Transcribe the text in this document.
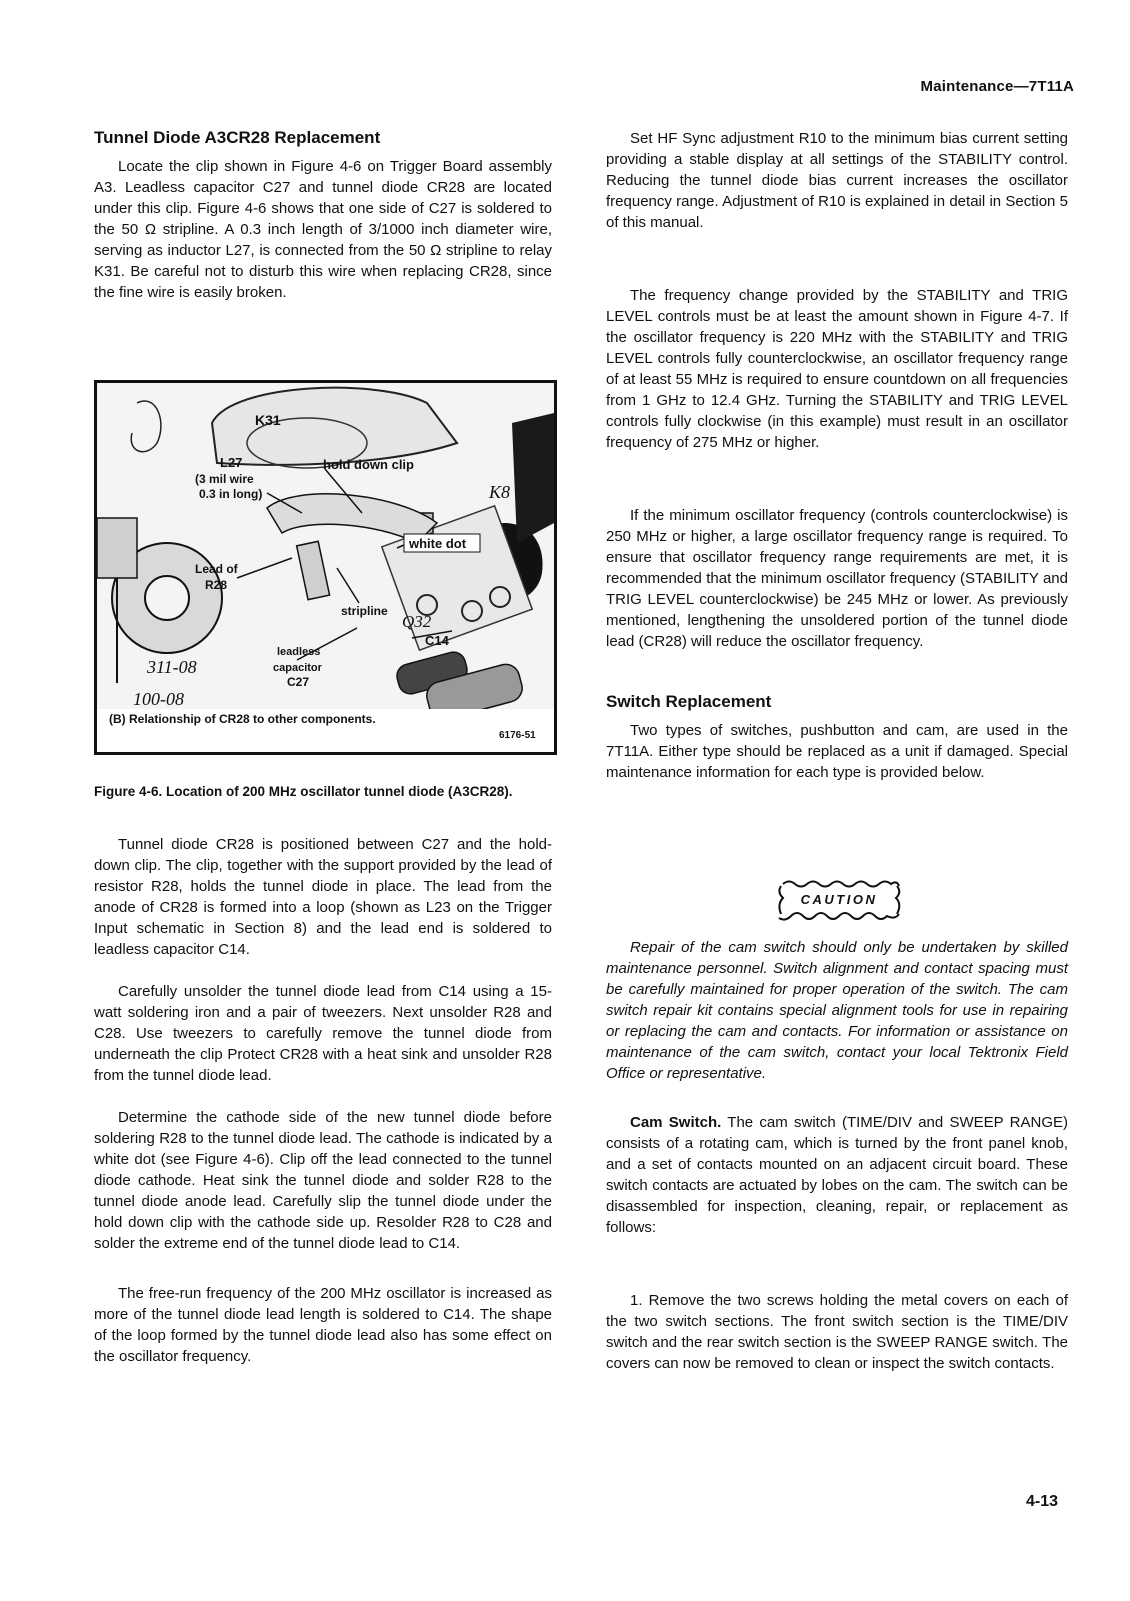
Maintenance—7T11A
Tunnel Diode A3CR28 Replacement

Locate the clip shown in Figure 4-6 on Trigger Board assembly A3. Leadless capacitor C27 and tunnel diode CR28 are located under this clip. Figure 4-6 shows that one side of C27 is soldered to the 50 Ω stripline. A 0.3 inch length of 3/1000 inch diameter wire, serving as inductor L27, is connected from the 50 Ω stripline to relay K31. Be careful not to disturb this wire when replacing CR28, since the fine wire is easily broken.

K31
L27
(3 mil wire
0.3 in long)
hold down clip
white dot
Lead of
R28
stripline
leadless
capacitor
C27
C14
K8
Q32
311-08
100-08
(B) Relationship of CR28 to other components.
6176-51
Figure 4-6. Location of 200 MHz oscillator tunnel diode (A3CR28).

Tunnel diode CR28 is positioned between C27 and the hold-down clip. The clip, together with the support provided by the lead of resistor R28, holds the tunnel diode in place. The lead from the anode of CR28 is formed into a loop (shown as L23 on the Trigger Input schematic in Section 8) and the lead end is soldered to leadless capacitor C14.

Carefully unsolder the tunnel diode lead from C14 using a 15-watt soldering iron and a pair of tweezers. Next unsolder R28 and C28. Use tweezers to carefully remove the tunnel diode from underneath the clip Protect CR28 with a heat sink and unsolder R28 from the tunnel diode lead.

Determine the cathode side of the new tunnel diode before soldering R28 to the tunnel diode lead. The cathode is indicated by a white dot (see Figure 4-6). Clip off the lead connected to the tunnel diode cathode. Heat sink the tunnel diode and solder R28 to the tunnel diode anode lead. Carefully slip the tunnel diode under the hold down clip with the cathode side up. Resolder R28 to C28 and solder the extreme end of the tunnel diode lead to C14.

The free-run frequency of the 200 MHz oscillator is increased as more of the tunnel diode lead length is soldered to C14. The shape of the loop formed by the tunnel diode lead also has some effect on the oscillator frequency.

Set HF Sync adjustment R10 to the minimum bias current setting providing a stable display at all settings of the STABILITY control. Reducing the tunnel diode bias current increases the oscillator frequency range. Adjustment of R10 is explained in detail in Section 5 of this manual.

The frequency change provided by the STABILITY and TRIG LEVEL controls must be at least the amount shown in Figure 4-7. If the oscillator frequency is 220 MHz with the STABILITY and TRIG LEVEL controls fully counterclockwise, an oscillator frequency range of at least 55 MHz is required to ensure countdown on all frequencies from 1 GHz to 12.4 GHz. Turning the STABILITY and TRIG LEVEL controls fully clockwise (in this example) must result in an oscillator frequency of 275 MHz or higher.

If the minimum oscillator frequency (controls counterclockwise) is 250 MHz or higher, a large oscillator frequency range is required. To ensure that oscillator frequency range requirements are met, it is recommended that the minimum oscillator frequency (STABILITY and TRIG LEVEL counterclockwise) be 245 MHz or lower. As previously mentioned, lengthening the unsoldered portion of the tunnel diode lead (CR28) will reduce the oscillator frequency.

Switch Replacement

Two types of switches, pushbutton and cam, are used in the 7T11A. Either type should be replaced as a unit if damaged. Special maintenance information for each type is provided below.

CAUTION

Repair of the cam switch should only be undertaken by skilled maintenance personnel. Switch alignment and contact spacing must be carefully maintained for proper operation of the switch. The cam switch repair kit contains special alignment tools for use in repairing or replacing the cam and contacts. For information or assistance on maintenance of the cam switch, contact your local Tektronix Field Office or representative.

Cam Switch. The cam switch (TIME/DIV and SWEEP RANGE) consists of a rotating cam, which is turned by the front panel knob, and a set of contacts mounted on an adjacent circuit board. These switch contacts are actuated by lobes on the cam. The switch can be disassembled for inspection, cleaning, repair, or replacement as follows:

1. Remove the two screws holding the metal covers on each of the two switch sections. The front switch section is the TIME/DIV switch and the rear switch section is the SWEEP RANGE switch. The covers can now be removed to clean or inspect the switch contacts.

4-13
